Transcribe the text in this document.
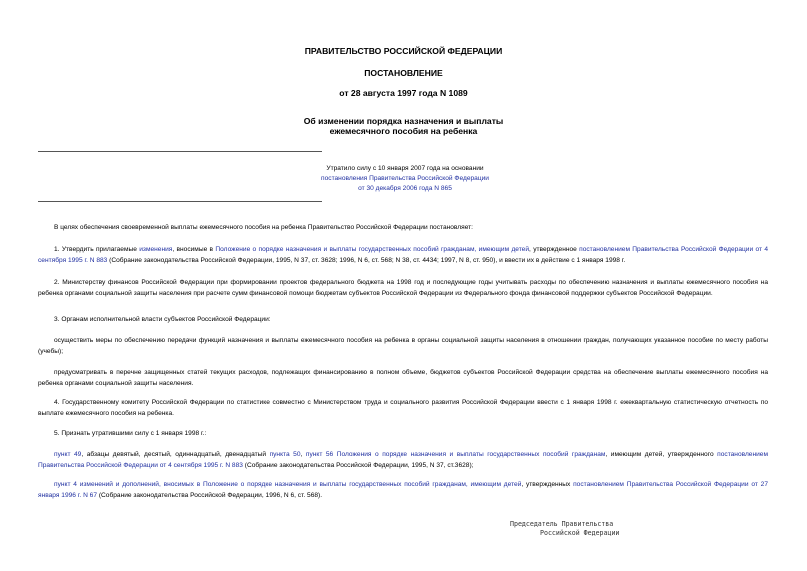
ПРАВИТЕЛЬСТВО РОССИЙСКОЙ ФЕДЕРАЦИИ
ПОСТАНОВЛЕНИЕ
от 28 августа 1997 года N 1089
Об изменении порядка назначения и выплаты
ежемесячного пособия на ребенка
Утратило силу с 10 января 2007 года на основании
постановления Правительства Российской Федерации
от 30 декабря 2006 года N 865
В целях обеспечения своевременной выплаты ежемесячного пособия на ребенка Правительство Российской Федерации постановляет:
1. Утвердить прилагаемые изменения, вносимые в Положение о порядке назначения и выплаты государственных пособий гражданам, имеющим детей, утвержденное постановлением Правительства Российской Федерации от 4 сентября 1995 г. N 883 (Собрание законодательства Российской Федерации, 1995, N 37, ст. 3628; 1996, N 6, ст. 568; N 38, ст. 4434; 1997, N 8, ст. 950), и ввести их в действие с 1 января 1998 г.
2. Министерству финансов Российской Федерации при формировании проектов федерального бюджета на 1998 год и последующие годы учитывать расходы по обеспечению назначения и выплаты ежемесячного пособия на ребенка органами социальной защиты населения при расчете сумм финансовой помощи бюджетам субъектов Российской Федерации из Федерального фонда финансовой поддержки субъектов Российской Федерации.
3. Органам исполнительной власти субъектов Российской Федерации:
осуществить меры по обеспечению передачи функций назначения и выплаты ежемесячного пособия на ребенка в органы социальной защиты населения в отношении граждан, получающих указанное пособие по месту работы (учебы);
предусматривать в перечне защищенных статей текущих расходов, подлежащих финансированию в полном объеме, бюджетов субъектов Российской Федерации средства на обеспечение выплаты ежемесячного пособия на ребенка органами социальной защиты населения.
4. Государственному комитету Российской Федерации по статистике совместно с Министерством труда и социального развития Российской Федерации ввести с 1 января 1998 г. ежеквартальную статистическую отчетность по выплате ежемесячного пособия на ребенка.
5. Признать утратившими силу с 1 января 1998 г.:
пункт 49, абзацы девятый, десятый, одиннадцатый, двенадцатый пункта 50, пункт 56 Положения о порядке назначения и выплаты государственных пособий гражданам, имеющим детей, утвержденного постановлением Правительства Российской Федерации от 4 сентября 1995 г. N 883 (Собрание законодательства Российской Федерации, 1995, N 37, ст.3628);
пункт 4 изменений и дополнений, вносимых в Положение о порядке назначения и выплаты государственных пособий гражданам, имеющим детей, утвержденных постановлением Правительства Российской Федерации от 27 января 1996 г. N 67 (Собрание законодательства Российской Федерации, 1996, N 6, ст. 568).
Председатель Правительства
Российской Федерации
